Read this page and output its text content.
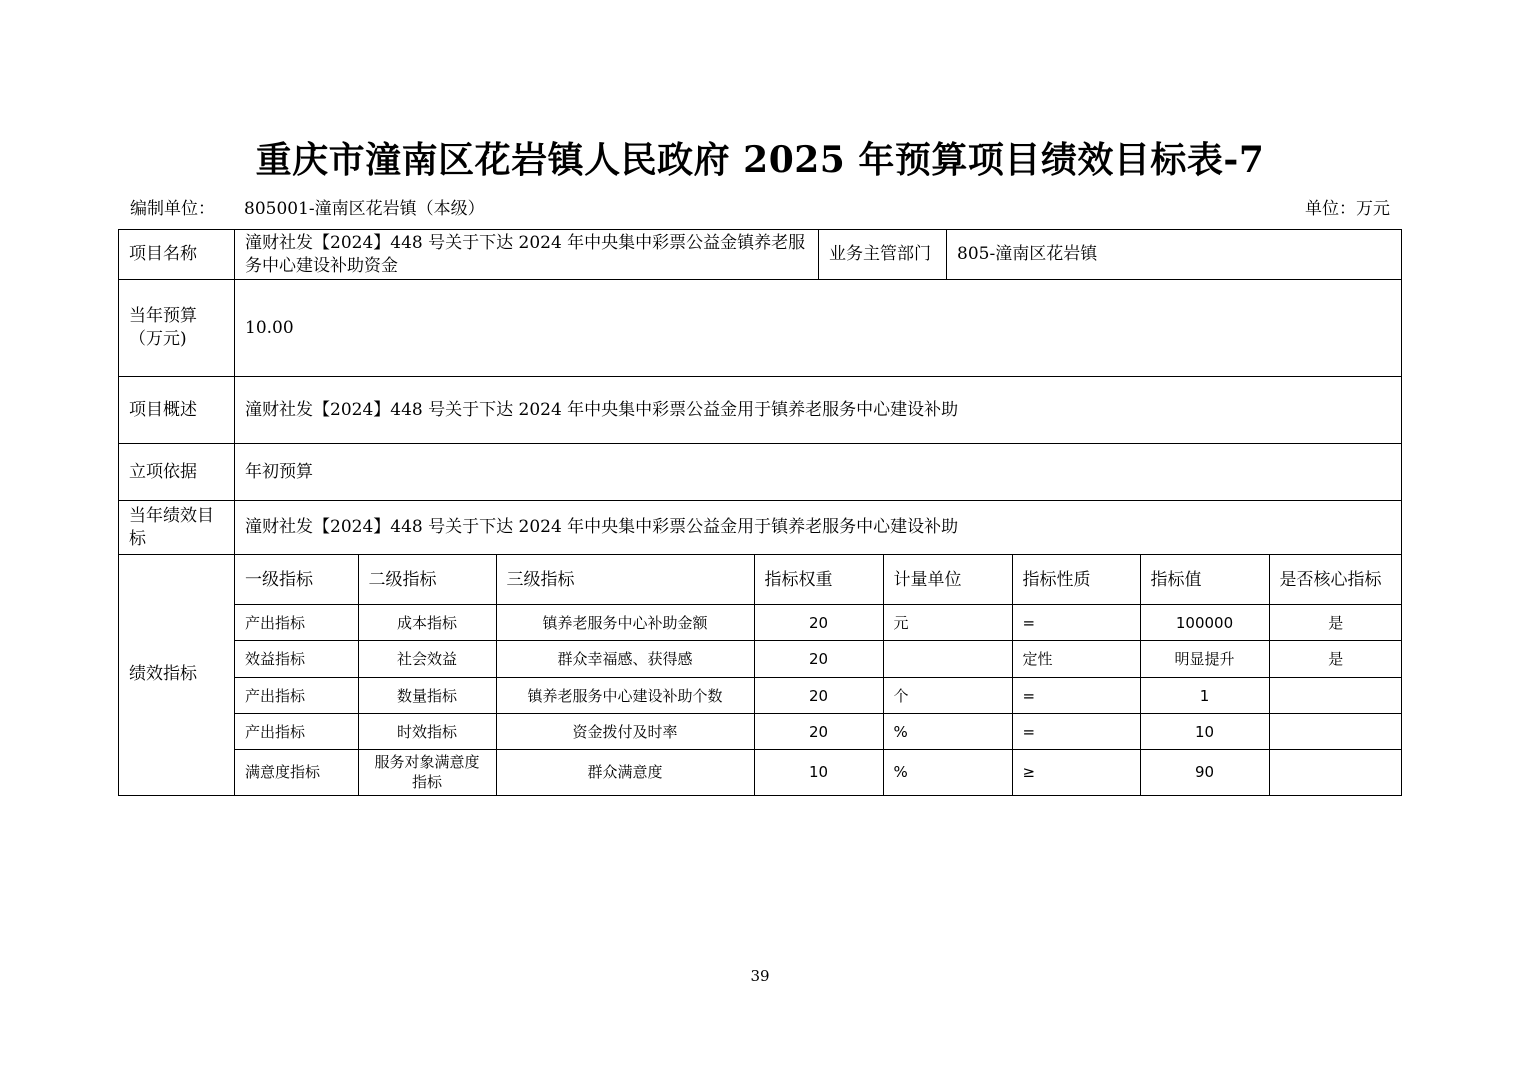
重庆市潼南区花岩镇人民政府 2025 年预算项目绩效目标表-7
编制单位： 805001-潼南区花岩镇（本级）	单位：万元
项目名称	潼财社发【2024】448 号关于下达 2024 年中央集中彩票公益金镇养老服务中心建设补助资金	业务主管部门	805-潼南区花岩镇
当年预算（万元)	10.00
项目概述	潼财社发【2024】448 号关于下达 2024 年中央集中彩票公益金用于镇养老服务中心建设补助
立项依据	年初预算
当年绩效目标	潼财社发【2024】448 号关于下达 2024 年中央集中彩票公益金用于镇养老服务中心建设补助
绩效指标	
一级指标	二级指标	三级指标	指标权重	计量单位	指标性质	指标值	是否核心指标
产出指标	成本指标	镇养老服务中心补助金额	20	元	=	100000	是
效益指标	社会效益	群众幸福感、获得感	20		定性	明显提升	是
产出指标	数量指标	镇养老服务中心建设补助个数	20	个	=	1	
产出指标	时效指标	资金拨付及时率	20	%	=	10	
满意度指标	服务对象满意度指标	群众满意度	10	%	≥	90	
39
